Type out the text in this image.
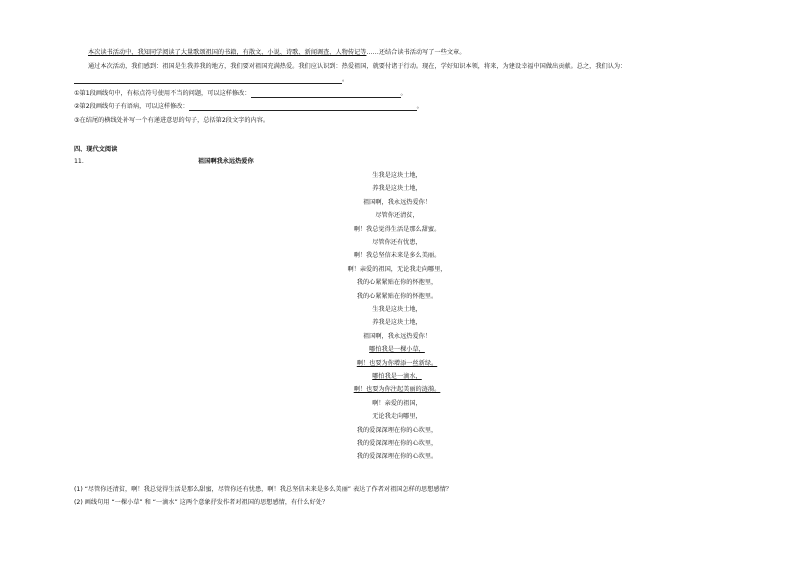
本次读书活动中，我知同学阅读了大量歌颂祖国的书籍，有散文、小说、诗歌、新闻调查、人物传记等……还结合读书活动写了一些文章。
通过本次活动，我们感到：祖国是生我养我的地方，我们要对祖国充满热爱。我们应认识到：热爱祖国，就要付诸于行动。现在，学好知识本领，将来，为建设幸福中国做出贡献。总之，我们认为：
。
①第1段画线句中，有标点符号使用不当的问题，可以这样修改：	。
②第2段画线句子有语病，可以这样修改：	。
③在结尾的横线处补写一个有递进意思的句子，总括第2段文字的内容。
四、现代文阅读
11.	祖国啊我永远热爱你
生我是这块土地，
养我是这块土地，
祖国啊，我永远热爱你！
尽管你还清贫，
啊！我总觉得生活是那么甜蜜。
尽管你还有忧患，
啊！我总坚信未来是多么美丽。
啊！亲爱的祖国，无论我走向哪里，
我的心紧紧贴在你的怀抱里，
我的心紧紧贴在你的怀抱里。
生我是这块土地，
养我是这块土地，
祖国啊，我永远热爱你！
哪怕我是一棵小草，
啊！也要为你增添一丝新绿。
哪怕我是一滴水，
啊！也要为你注起美丽的涟漪。
啊！亲爱的祖国，
无论我走向哪里，
我的爱深深埋在你的心坎里，
我的爱深深埋在你的心坎里，
我的爱深深埋在你的心坎里。
(1) “尽管你还清贫，啊！我总觉得生活是那么甜蜜，尽管你还有忧患，啊！我总坚信未来是多么美丽” 表达了作者对祖国怎样的思想感情？
(2) 画线句用 “一棵小草” 和 “一滴水” 这两个意象抒发作者对祖国的思想感情，有什么好处？
